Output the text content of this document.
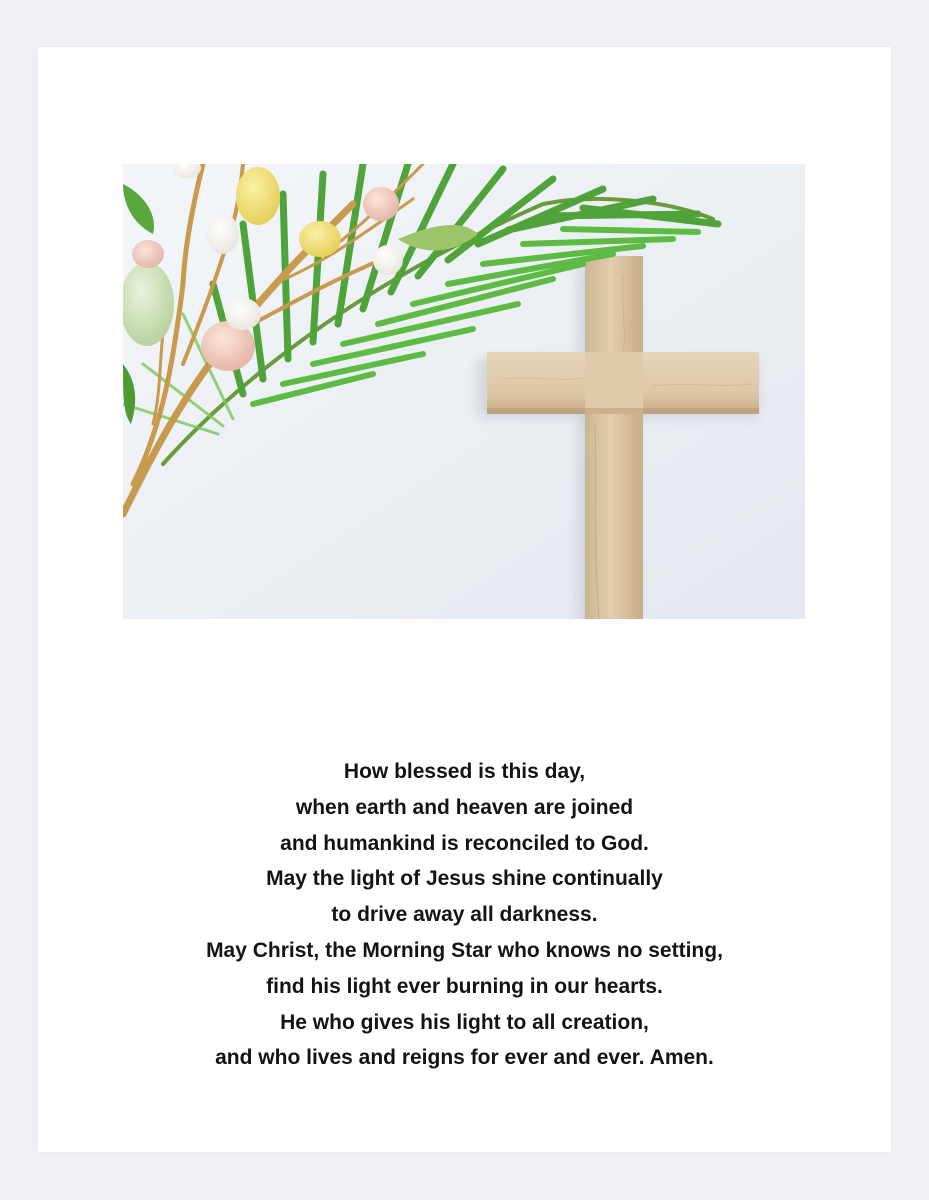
How blessed is this day,
when earth and heaven are joined
and humankind is reconciled to God.
May the light of Jesus shine continually
to drive away all darkness.
May Christ, the Morning Star who knows no setting,
find his light ever burning in our hearts.
He who gives his light to all creation,
and who lives and reigns for ever and ever. Amen.
